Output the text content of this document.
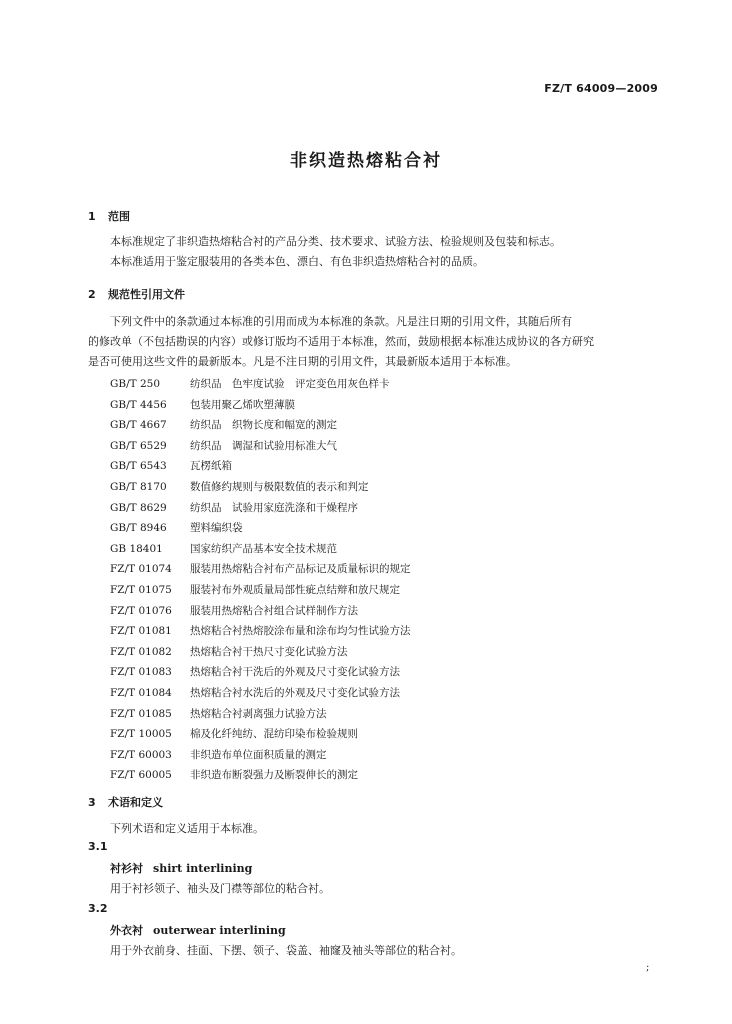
FZ/T 64009—2009
非织造热熔粘合衬
1 范围

本标准规定了非织造热熔粘合衬的产品分类、技术要求、试验方法、检验规则及包装和标志。

本标准适用于鉴定服装用的各类本色、漂白、有色非织造热熔粘合衬的品质。

2 规范性引用文件

下列文件中的条款通过本标准的引用而成为本标准的条款。凡是注日期的引用文件，其随后所有

的修改单（不包括勘误的内容）或修订版均不适用于本标准，然而，鼓励根据本标准达成协议的各方研究
是否可使用这些文件的最新版本。凡是不注日期的引用文件，其最新版本适用于本标准。
GB/T 250	纺织品　色牢度试验　评定变色用灰色样卡
GB/T 4456 包装用聚乙烯吹塑薄膜
GB/T 4667 纺织品　织物长度和幅宽的测定
GB/T 6529 纺织品　调湿和试验用标准大气
GB/T 6543 瓦楞纸箱
GB/T 8170 数值修约规则与极限数值的表示和判定
GB/T 8629 纺织品　试验用家庭洗涤和干燥程序
GB/T 8946 塑料编织袋
GB 18401	国家纺织产品基本安全技术规范
FZ/T 01074 服装用热熔粘合衬布产品标记及质量标识的规定
FZ/T 01075 服装衬布外观质量局部性疵点结辩和放尺规定
FZ/T 01076 服装用热熔粘合衬组合试样制作方法
FZ/T 01081 热熔粘合衬热熔胶涂布量和涂布均匀性试验方法
FZ/T 01082 热熔粘合衬干热尺寸变化试验方法
FZ/T 01083 热熔粘合衬干洗后的外观及尺寸变化试验方法
FZ/T 01084 热熔粘合衬水洗后的外观及尺寸变化试验方法
FZ/T 01085 热熔粘合衬剥离强力试验方法
FZ/T 10005 棉及化纤纯纺、混纺印染布检验规则
FZ/T 60003 非织造布单位面积质量的测定
FZ/T 60005 非织造布断裂强力及断裂伸长的测定
3 术语和定义
下列术语和定义适用于本标准。
3.1
衬衫衬 shirt interlining
用于衬衫领子、袖头及门襟等部位的粘合衬。
3.2
外衣衬 outerwear interlining
用于外衣前身、挂面、下摆、领子、袋盖、袖窿及袖头等部位的粘合衬。
;
